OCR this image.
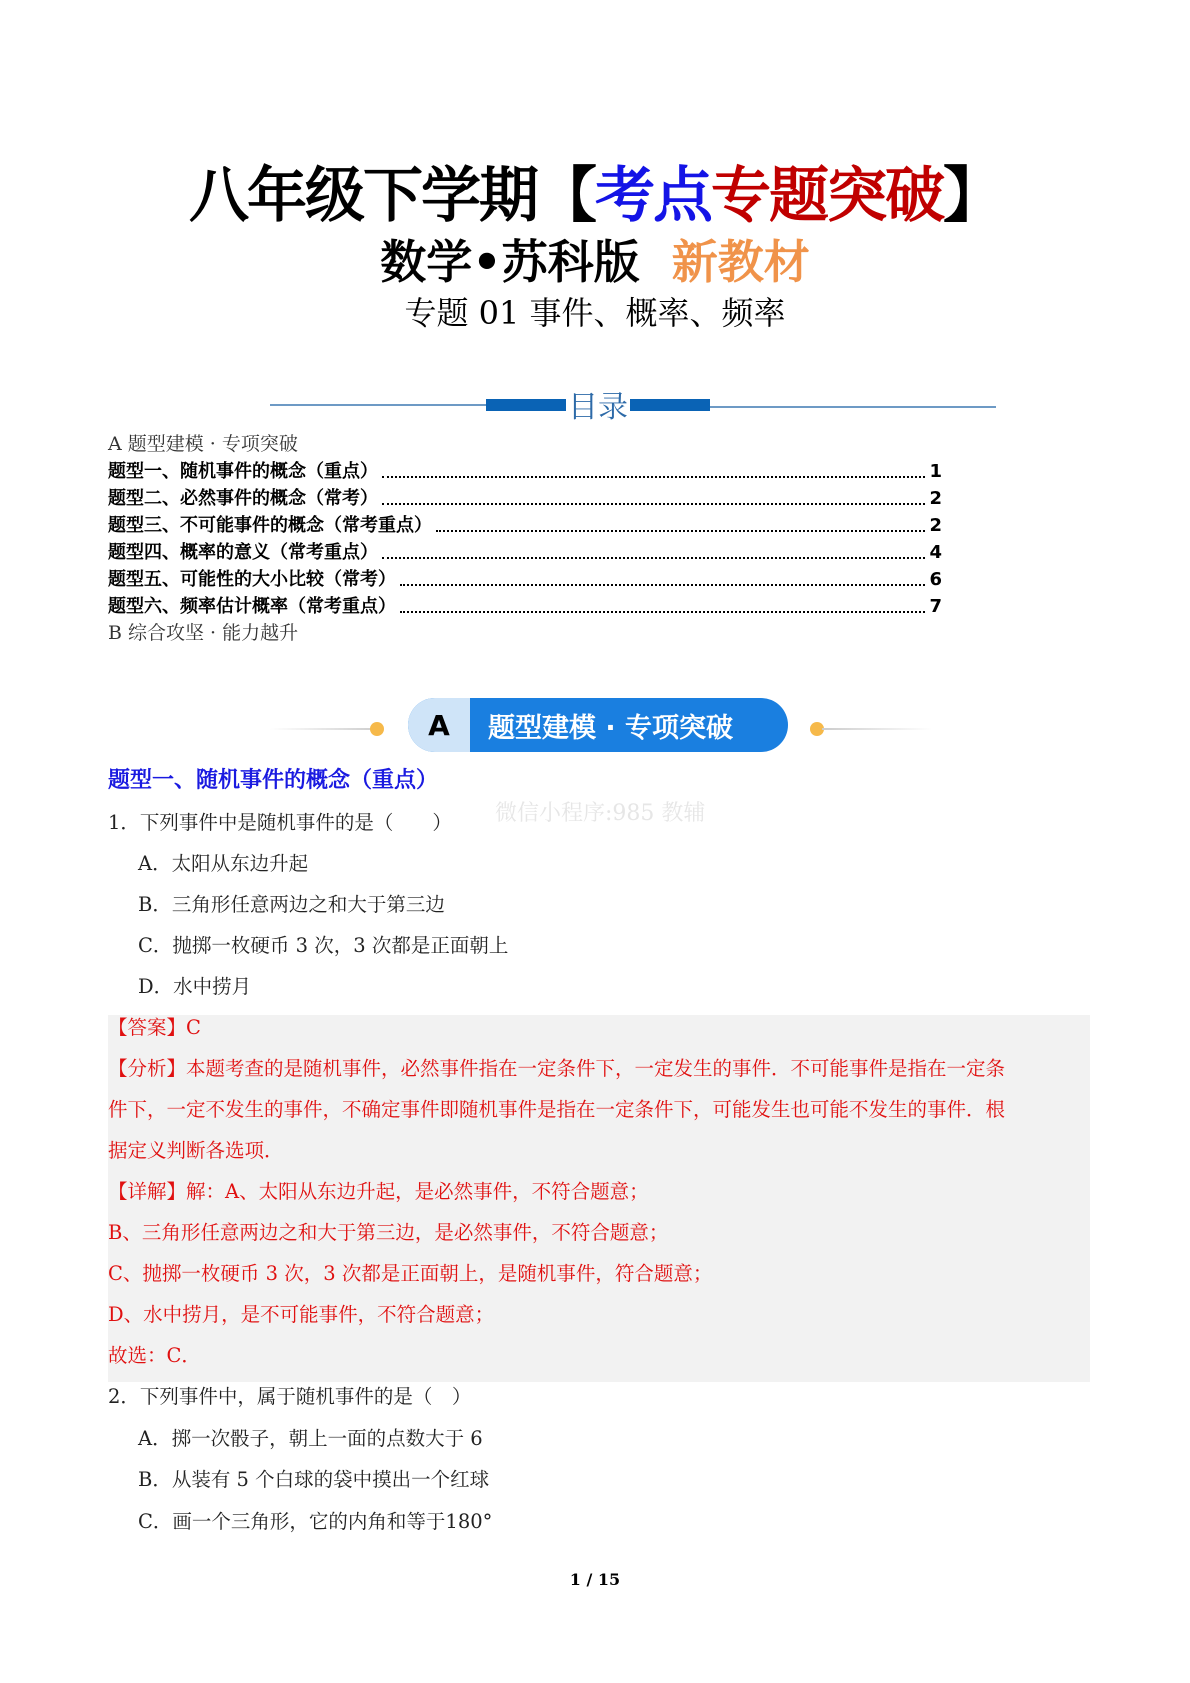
八年级下学期【考点专题突破】
数学•苏科版 新教材
专题 01 事件、概率、频率
目录
A 题型建模 · 专项突破
题型一、随机事件的概念（重点）	1
题型二、必然事件的概念（常考）	2
题型三、不可能事件的概念（常考重点）	2
题型四、概率的意义（常考重点）	4
题型五、可能性的大小比较（常考）	6
题型六、频率估计概率（常考重点）	7
B 综合攻坚 · 能力越升
A	题型建模 · 专项突破
微信小程序:985 教辅
题型一、随机事件的概念（重点）
1．下列事件中是随机事件的是（　　）
A．太阳从东边升起
B．三角形任意两边之和大于第三边
C．抛掷一枚硬币 3 次，3 次都是正面朝上
D．水中捞月
【答案】C
【分析】本题考查的是随机事件，必然事件指在一定条件下，一定发生的事件．不可能事件是指在一定条
件下，一定不发生的事件，不确定事件即随机事件是指在一定条件下，可能发生也可能不发生的事件．根
据定义判断各选项．
【详解】解：A、太阳从东边升起，是必然事件，不符合题意；
B、三角形任意两边之和大于第三边，是必然事件，不符合题意；
C、抛掷一枚硬币 3 次，3 次都是正面朝上，是随机事件，符合题意；
D、水中捞月，是不可能事件，不符合题意；
故选：C．
2．下列事件中，属于随机事件的是（　）
A．掷一次骰子，朝上一面的点数大于 6
B．从装有 5 个白球的袋中摸出一个红球
C．画一个三角形，它的内角和等于180°
1 / 15
